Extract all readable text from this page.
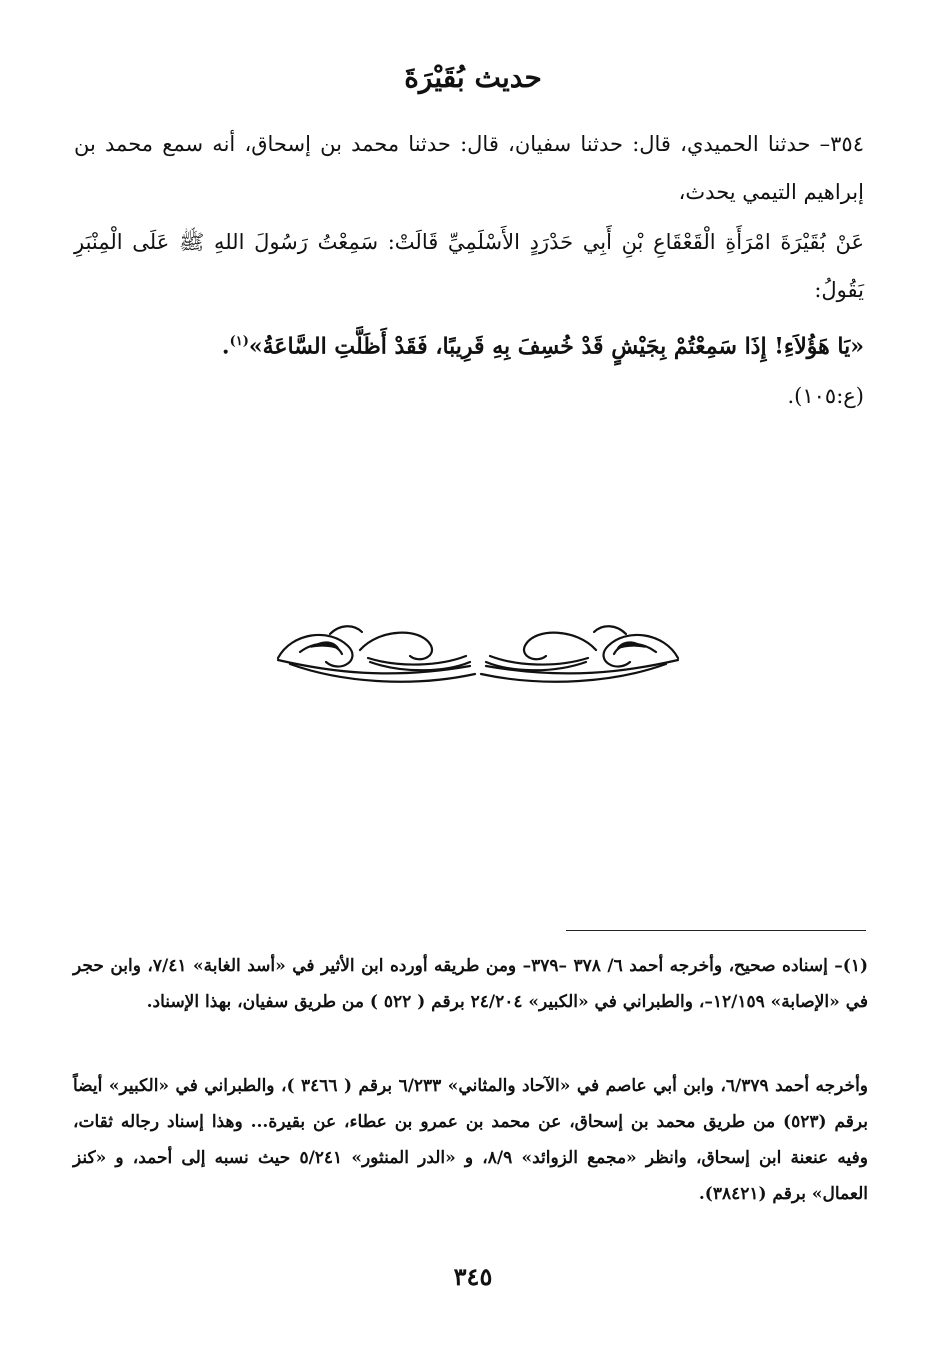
حديث بُقَيْرَةَ
٣٥٤– حدثنا الحميدي، قال: حدثنا سفيان، قال: حدثنا محمد بن إسحاق، أنه سمع محمد بن إبراهيم التيمي يحدث،
عَنْ بُقَيْرَةَ امْرَأَةِ الْقَعْقَاعِ بْنِ أَبِي حَدْرَدٍ الأَسْلَمِيِّ قَالَتْ: سَمِعْتُ رَسُولَ اللهِ ﷺ عَلَى الْمِنْبَرِ يَقُولُ:
«يَا هَؤُلاَءِ! إِذَا سَمِعْتُمْ بِجَيْشٍ قَدْ خُسِفَ بِهِ قَرِيبًا، فَقَدْ أَظَلَّتِ السَّاعَةُ»$^{(١)}$.
(ع:١٠٥).
(١)– إسناده صحيح، وأخرجه أحمد ٦/ ٣٧٨ –٣٧٩– ومن طريقه أورده ابن الأثير في «أسد الغابة» ٧/٤١، وابن حجر في «الإصابة» ١٢/١٥٩–، والطبراني في «الكبير» ٢٤/٢٠٤ برقم ( ٥٢٢ ) من طريق سفيان، بهذا الإسناد.
وأخرجه أحمد ٦/٣٧٩، وابن أبي عاصم في «الآحاد والمثاني» ٦/٢٣٣ برقم ( ٣٤٦٦ )، والطبراني في «الكبير» أيضاً برقم (٥٢٣) من طريق محمد بن إسحاق، عن محمد بن عمرو بن عطاء، عن بقيرة... وهذا إسناد رجاله ثقات، وفيه عنعنة ابن إسحاق، وانظر «مجمع الزوائد» ٨/٩، و «الدر المنثور» ٥/٢٤١ حيث نسبه إلى أحمد، و «كنز العمال» برقم (٣٨٤٢١).
٣٤٥
